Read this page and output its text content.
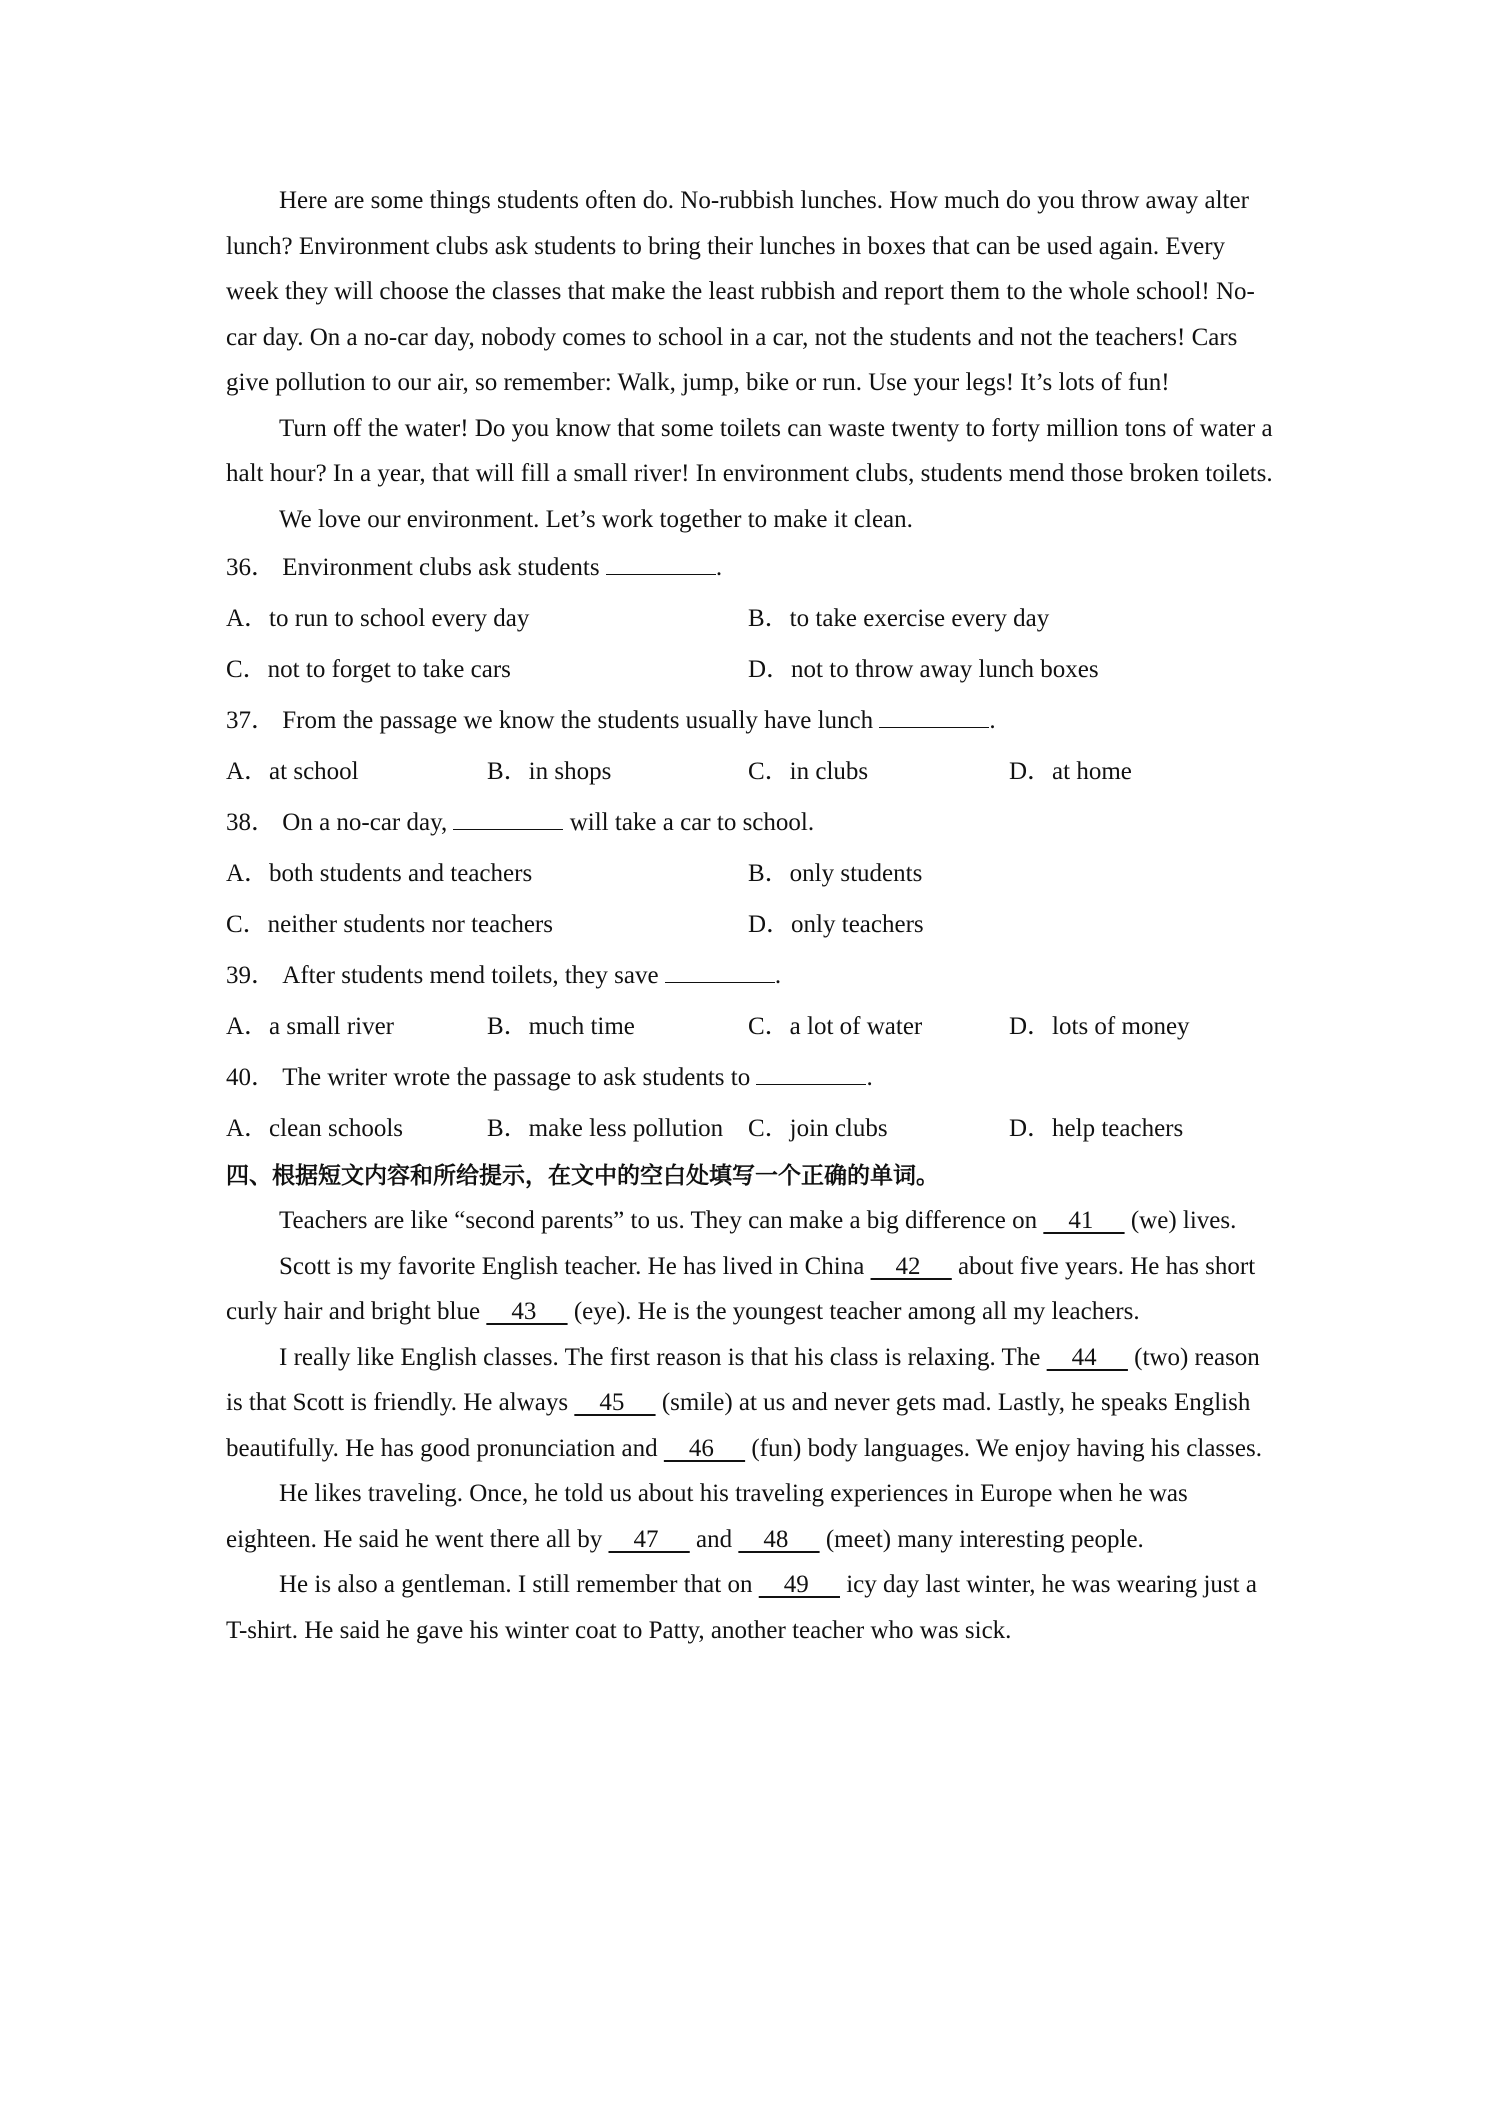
Here are some things students often do. No-rubbish lunches. How much do you throw away alter lunch? Environment clubs ask students to bring their lunches in boxes that can be used again. Every week they will choose the classes that make the least rubbish and report them to the whole school! No-car day. On a no-car day, nobody comes to school in a car, not the students and not the teachers! Cars give pollution to our air, so remember: Walk, jump, bike or run. Use your legs! It’s lots of fun!

Turn off the water! Do you know that some toilets can waste twenty to forty million tons of water a halt hour? In a year, that will fill a small river! In environment clubs, students mend those broken toilets.

We love our environment. Let’s work together to make it clean.

36． Environment clubs ask students	.

A．to run to school every day	B．to take exercise every day
C．not to forget to take cars	D．not to throw away lunch boxes

37． From the passage we know the students usually have lunch	.

A．at school	B．in shops	C．in clubs	D．at home

38． On a no-car day,	will take a car to school.

A．both students and teachers	B．only students
C．neither students nor teachers	D．only teachers

39． After students mend toilets, they save	.

A．a small river	B．much time	C．a lot of water	D．lots of money

40． The writer wrote the passage to ask students to	.

A．clean schools	B．make less pollution C．join clubs	D．help teachers

四、根据短文内容和所给提示，在文中的空白处填写一个正确的单词。

Teachers are like “second parents” to us. They can make a big difference on     41      (we) lives.

Scott is my favorite English teacher. He has lived in China     42      about five years. He has short curly hair and bright blue     43      (eye). He is the youngest teacher among all my leachers.

I really like English classes. The first reason is that his class is relaxing. The     44      (two) reason is that Scott is friendly. He always     45      (smile) at us and never gets mad. Lastly, he speaks English beautifully. He has good pronunciation and     46      (fun) body languages. We enjoy having his classes.

He likes traveling. Once, he told us about his traveling experiences in Europe when he was eighteen. He said he went there all by     47      and     48      (meet) many interesting people.

He is also a gentleman. I still remember that on     49      icy day last winter, he was wearing just a T-shirt. He said he gave his winter coat to Patty, another teacher who was sick.
